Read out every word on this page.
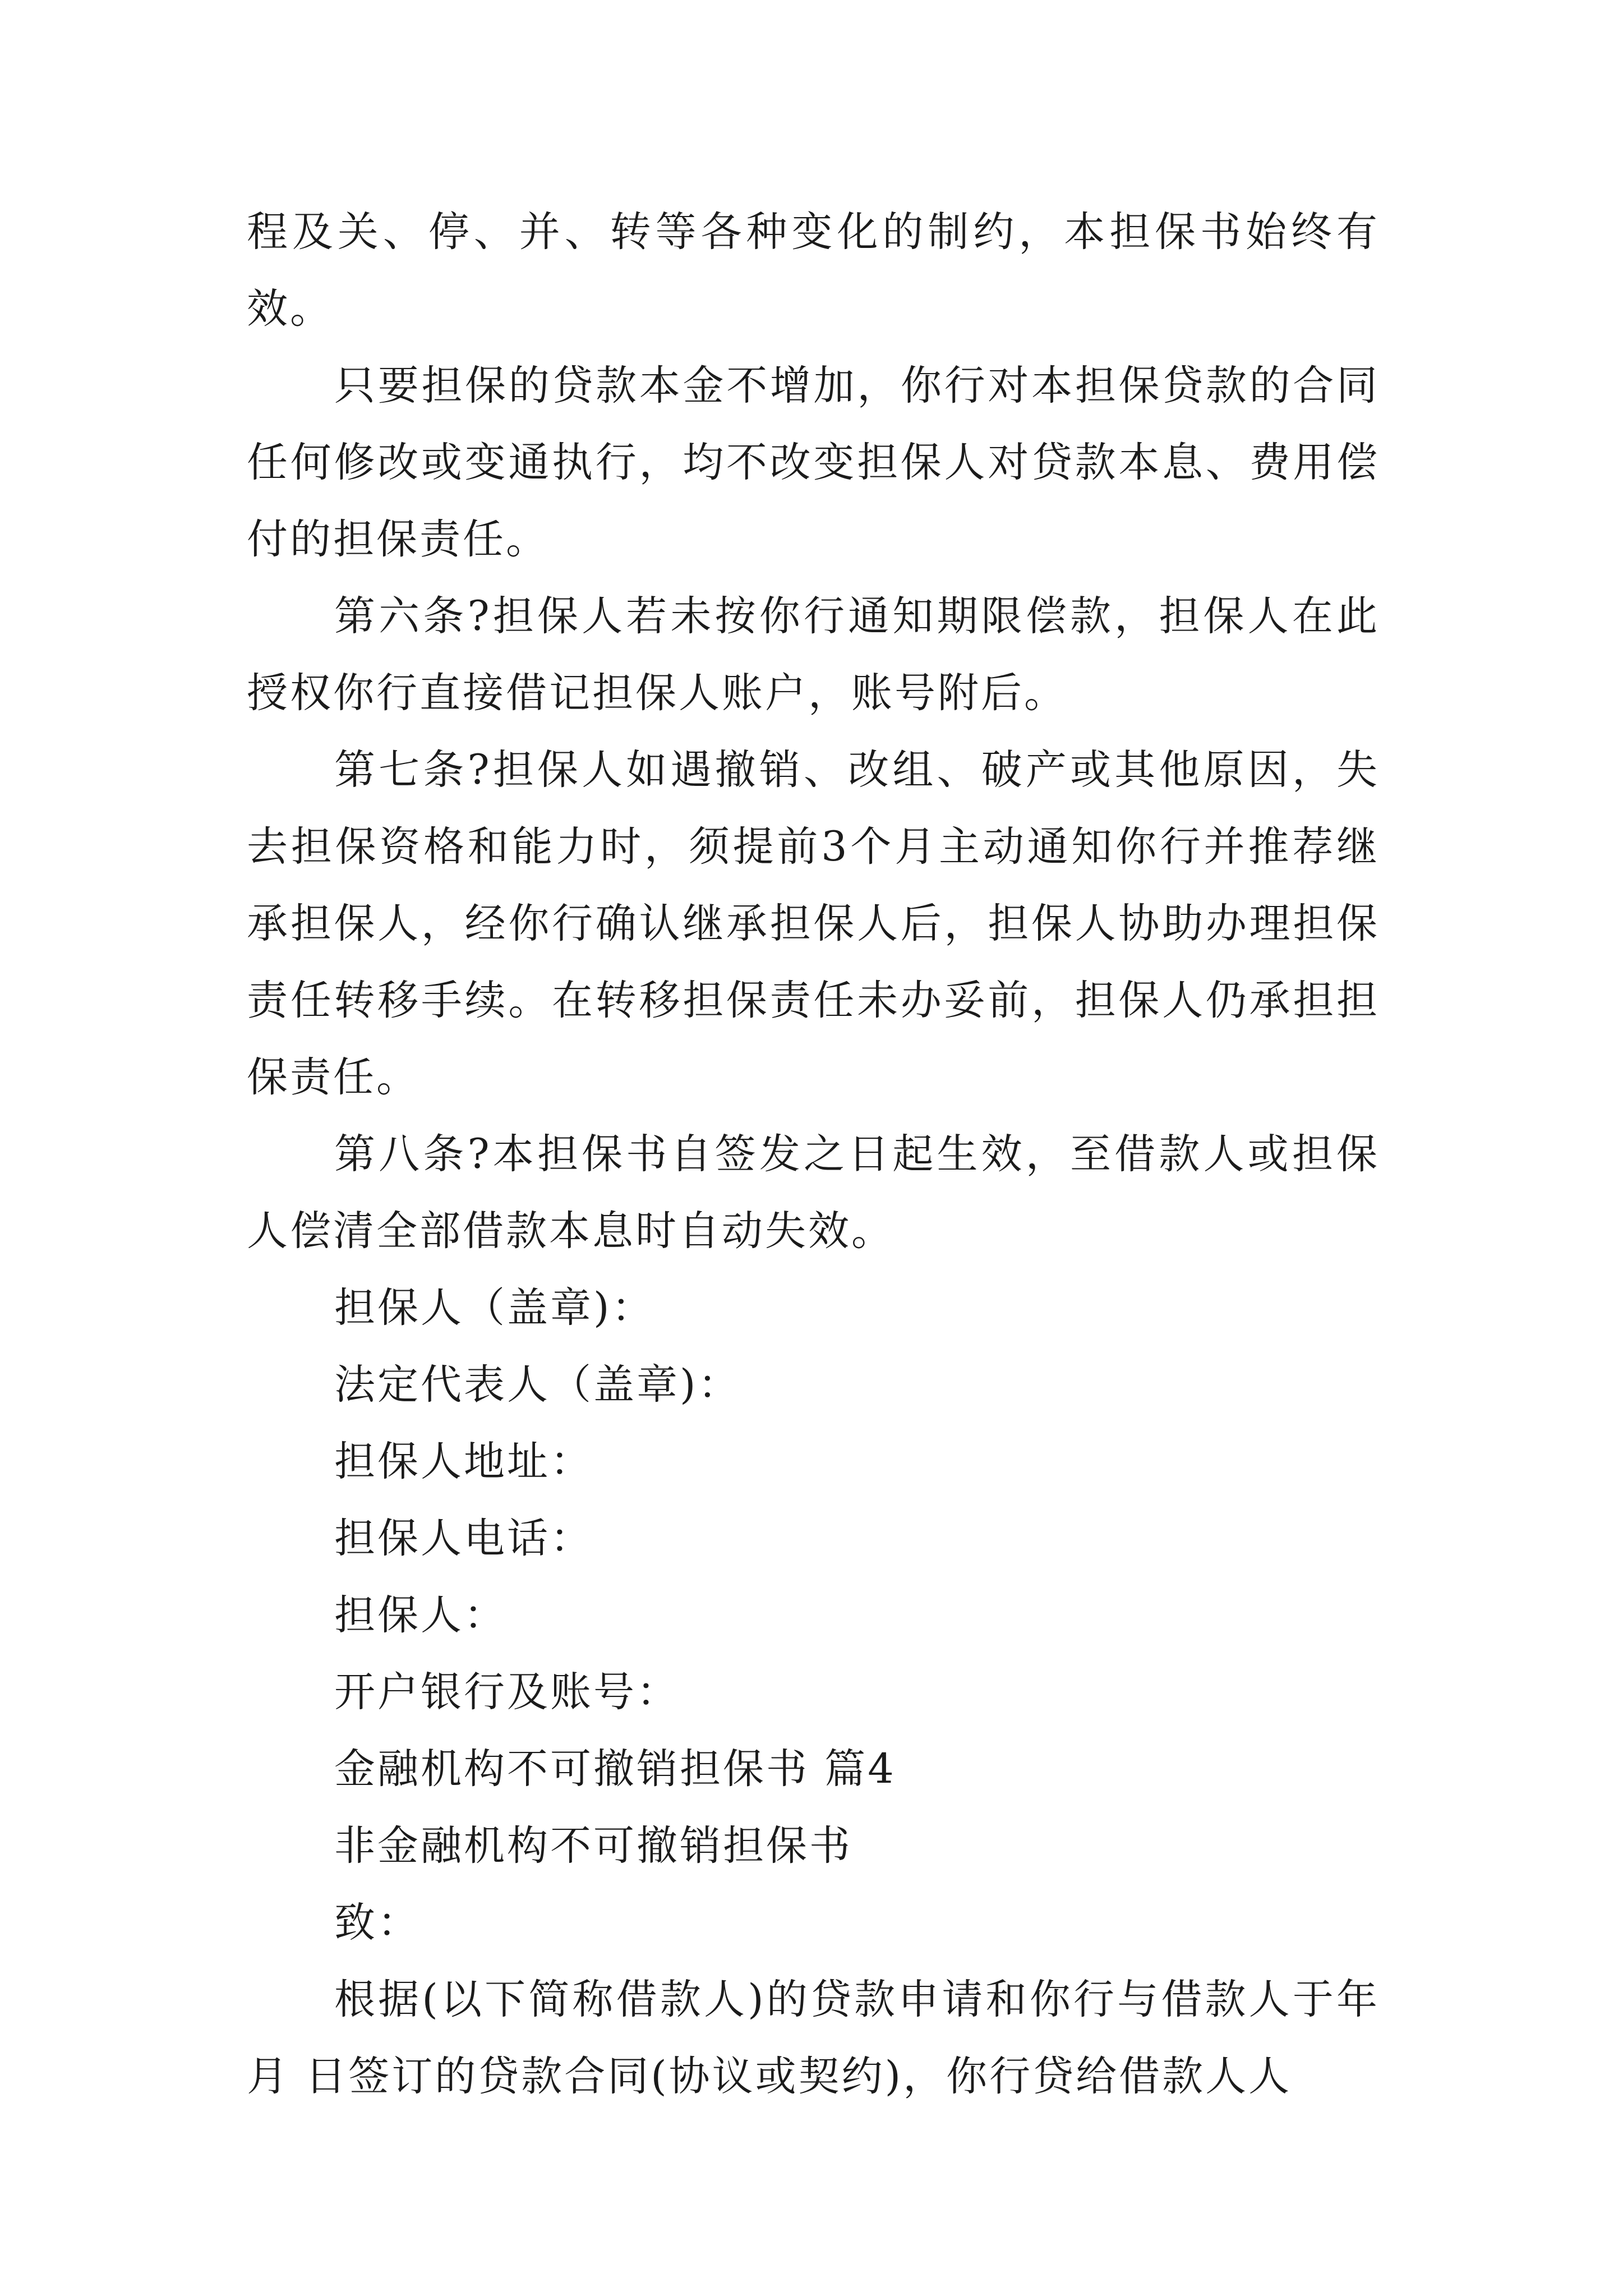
程及关、停、并、转等各种变化的制约，本担保书始终有效。

只要担保的贷款本金不增加，你行对本担保贷款的合同任何修改或变通执行，均不改变担保人对贷款本息、费用偿付的担保责任。

第六条?担保人若未按你行通知期限偿款，担保人在此授权你行直接借记担保人账户，账号附后。

第七条?担保人如遇撤销、改组、破产或其他原因，失去担保资格和能力时，须提前3个月主动通知你行并推荐继承担保人，经你行确认继承担保人后，担保人协助办理担保责任转移手续。在转移担保责任未办妥前，担保人仍承担担保责任。

第八条?本担保书自签发之日起生效，至借款人或担保人偿清全部借款本息时自动失效。

担保人（盖章)：

法定代表人（盖章)：

担保人地址：

担保人电话：

担保人：

开户银行及账号：

金融机构不可撤销担保书 篇4

非金融机构不可撤销担保书

致：

根据(以下简称借款人)的贷款申请和你行与借款人于年 月 日签订的贷款合同(协议或契约)，你行贷给借款人人
